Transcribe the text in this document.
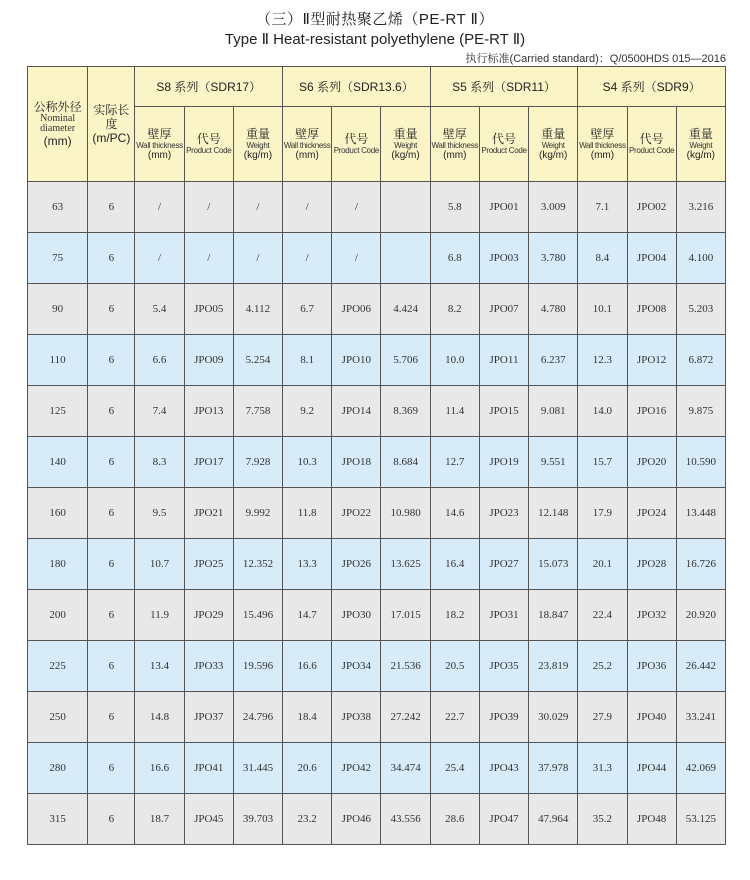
（三）Ⅱ型耐热聚乙烯（PE-RT Ⅱ）
Type Ⅱ Heat-resistant polyethylene (PE-RT Ⅱ)
执行标准(Carried standard)：Q/0500HDS 015—2016
公称外径
Nominal diameter
(mm)	实际长度
(m/PC)	S8 系列（SDR17）			S6 系列（SDR13.6）			S5 系列（SDR11）			S4 系列（SDR9）		

		壁厚
Wall thickness
(mm)	代号
Product Code	重量
Weight
(kg/m)	壁厚
Wall thickness
(mm)	代号
Product Code	重量
Weight
(kg/m)	壁厚
Wall thickness
(mm)	代号
Product Code	重量
Weight
(kg/m)	壁厚
Wall thickness
(mm)	代号
Product Code	重量
Weight
(kg/m)

63	6	/	/	/	/	/		5.8	JPO01	3.009	7.1	JPO02	3.216
75	6	/	/	/	/	/		6.8	JPO03	3.780	8.4	JPO04	4.100
90	6	5.4	JPO05	4.112	6.7	JPO06	4.424	8.2	JPO07	4.780	10.1	JPO08	5.203
110	6	6.6	JPO09	5.254	8.1	JPO10	5.706	10.0	JPO11	6.237	12.3	JPO12	6.872
125	6	7.4	JPO13	7.758	9.2	JPO14	8.369	11.4	JPO15	9.081	14.0	JPO16	9.875
140	6	8.3	JPO17	7.928	10.3	JPO18	8.684	12.7	JPO19	9.551	15.7	JPO20	10.590
160	6	9.5	JPO21	9.992	11.8	JPO22	10.980	14.6	JPO23	12.148	17.9	JPO24	13.448
180	6	10.7	JPO25	12.352	13.3	JPO26	13.625	16.4	JPO27	15.073	20.1	JPO28	16.726
200	6	11.9	JPO29	15.496	14.7	JPO30	17.015	18.2	JPO31	18.847	22.4	JPO32	20.920
225	6	13.4	JPO33	19.596	16.6	JPO34	21.536	20.5	JPO35	23.819	25.2	JPO36	26.442
250	6	14.8	JPO37	24.796	18.4	JPO38	27.242	22.7	JPO39	30.029	27.9	JPO40	33.241
280	6	16.6	JPO41	31.445	20.6	JPO42	34.474	25.4	JPO43	37.978	31.3	JPO44	42.069
315	6	18.7	JPO45	39.703	23.2	JPO46	43.556	28.6	JPO47	47.964	35.2	JPO48	53.125
